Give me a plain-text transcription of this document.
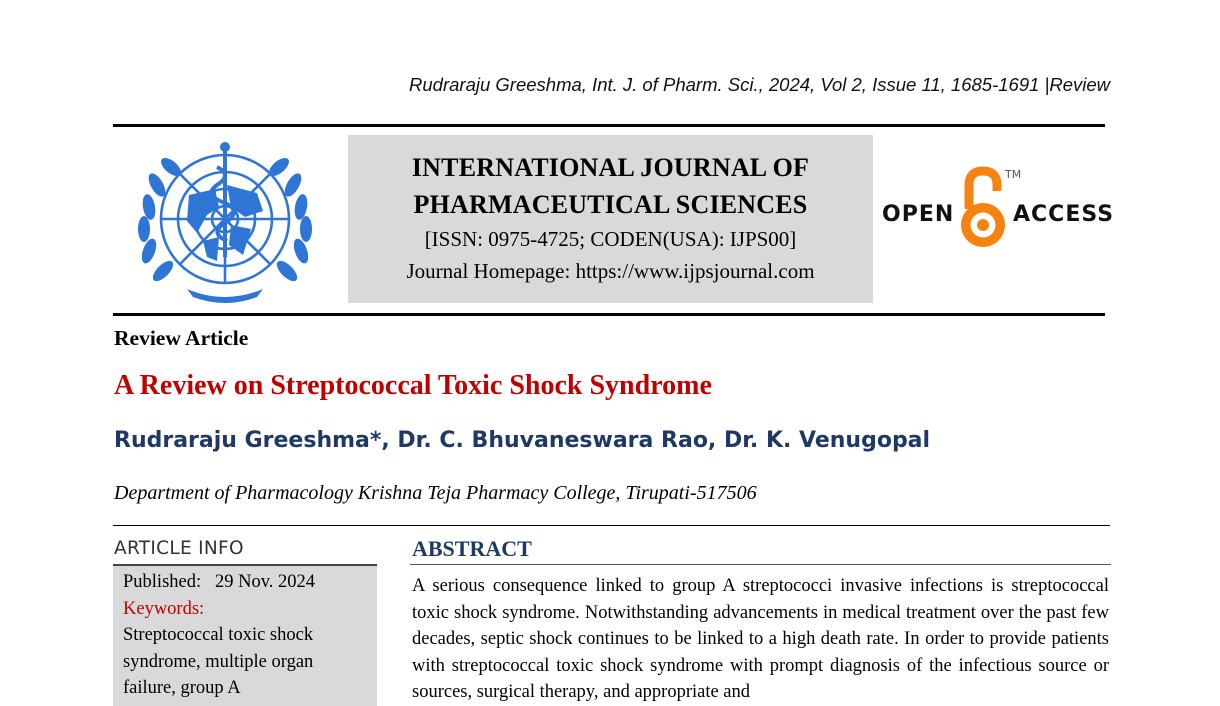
Rudraraju Greeshma, Int. J. of Pharm. Sci., 2024, Vol 2, Issue 11, 1685-1691 |Review
INTERNATIONAL JOURNAL OF
PHARMACEUTICAL SCIENCES
[ISSN: 0975-4725; CODEN(USA): IJPS00]
Journal Homepage: https://www.ijpsjournal.com
OPEN
TM
ACCESS
Review Article
A Review on Streptococcal Toxic Shock Syndrome
Rudraraju Greeshma*, Dr. C. Bhuvaneswara Rao, Dr. K. Venugopal
Department of Pharmacology Krishna Teja Pharmacy College, Tirupati-517506
ARTICLE INFO
Published: 29 Nov. 2024
Keywords:
Streptococcal toxic shock syndrome, multiple organ failure, group A
ABSTRACT
A serious consequence linked to group A streptococci invasive infections is streptococcal toxic shock syndrome. Notwithstanding advancements in medical treatment over the past few decades, septic shock continues to be linked to a high death rate. In order to provide patients with streptococcal toxic shock syndrome with prompt diagnosis of the infectious source or sources, surgical therapy, and appropriate and
